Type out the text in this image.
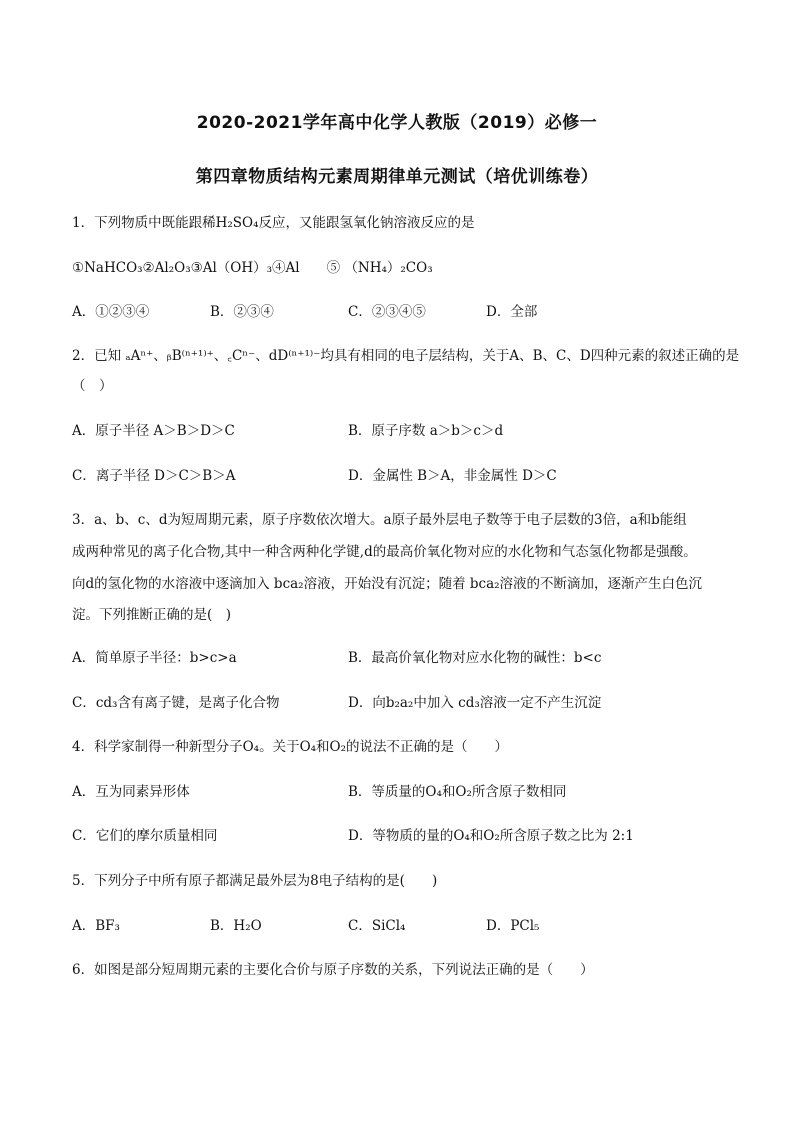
2020-2021学年高中化学人教版（2019）必修一
第四章物质结构元素周期律单元测试（培优训练卷）
1．下列物质中既能跟稀H₂SO₄反应，又能跟氢氧化钠溶液反应的是
①NaHCO₃②Al₂O₃③Al（OH）₃④Al　　⑤ （NH₄）₂CO₃
A．①②③④	B．②③④	C．②③④⑤	D．全部
2．已知 ₐAⁿ⁺、ᵦB⁽ⁿ⁺¹⁾⁺、꜀Cⁿ⁻、dD⁽ⁿ⁺¹⁾⁻均具有相同的电子层结构，关于A、B、C、D四种元素的叙述正确的是
（　）
A．原子半径 A＞B＞D＞C	B．原子序数 a＞b＞c＞d
C．离子半径 D＞C＞B＞A	D．金属性 B＞A，非金属性 D＞C
3．a、b、c、d为短周期元素，原子序数依次增大。a原子最外层电子数等于电子层数的3倍，a和b能组
成两种常见的离子化合物,其中一种含两种化学键,d的最高价氧化物对应的水化物和气态氢化物都是强酸。
向d的氢化物的水溶液中逐滴加入 bca₂溶液，开始没有沉淀；随着 bca₂溶液的不断滴加，逐渐产生白色沉
淀。下列推断正确的是(　)
A．简单原子半径：b>c>a	B．最高价氧化物对应水化物的碱性：b<c
C．cd₃含有离子键，是离子化合物	D．向b₂a₂中加入 cd₃溶液一定不产生沉淀
4．科学家制得一种新型分子O₄。关于O₄和O₂的说法不正确的是（　　）
A．互为同素异形体	B．等质量的O₄和O₂所含原子数相同
C．它们的摩尔质量相同	D．等物质的量的O₄和O₂所含原子数之比为 2:1
5．下列分子中所有原子都满足最外层为8电子结构的是(　　)
A．BF₃	B．H₂O	C．SiCl₄	D．PCl₅
6．如图是部分短周期元素的主要化合价与原子序数的关系，下列说法正确的是（　　）
